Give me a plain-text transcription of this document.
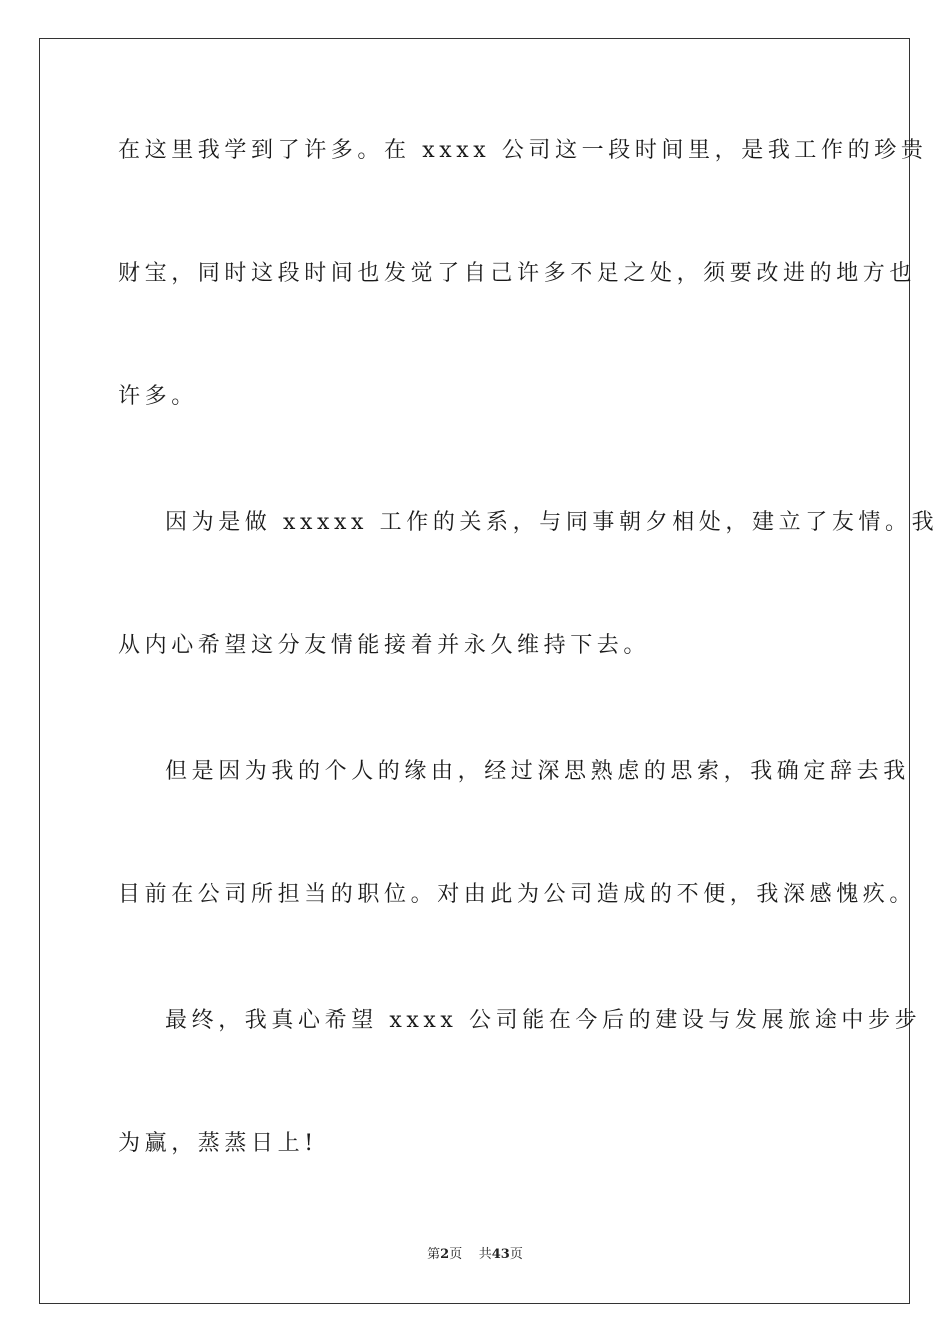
在这里我学到了许多。在 xxxx 公司这一段时间里，是我工作的珍贵
财宝，同时这段时间也发觉了自己许多不足之处，须要改进的地方也
许多。
因为是做 xxxxx 工作的关系，与同事朝夕相处，建立了友情。我
从内心希望这分友情能接着并永久维持下去。
但是因为我的个人的缘由，经过深思熟虑的思索，我确定辞去我
目前在公司所担当的职位。对由此为公司造成的不便，我深感愧疚。
最终，我真心希望 xxxx 公司能在今后的建设与发展旅途中步步
为赢，蒸蒸日上!
第2页 共43页
